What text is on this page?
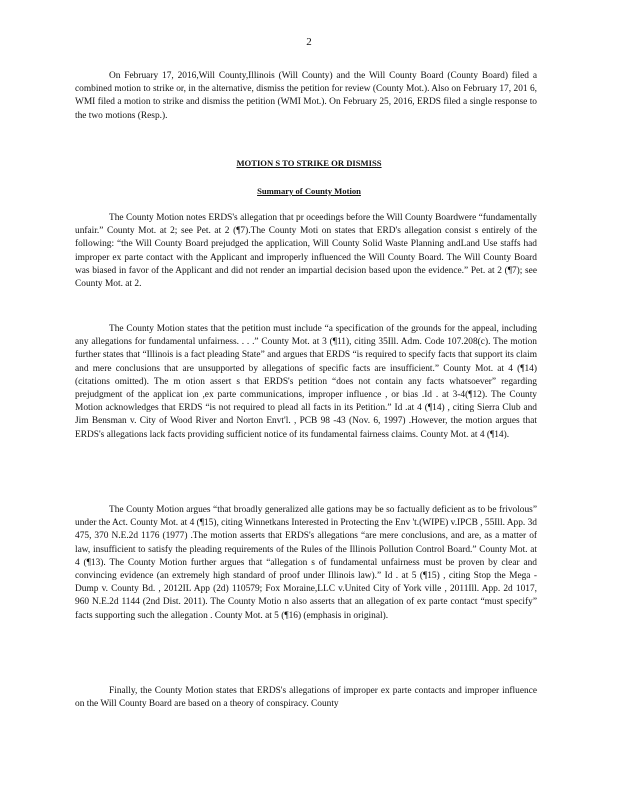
2

On February 17, 2016,Will County,Illinois (Will County) and the Will County Board (County Board) filed a combined motion to strike or, in the alternative, dismiss the petition for review (County Mot.). Also on February 17, 201 6, WMI filed a motion to strike and dismiss the petition (WMI Mot.). On February 25, 2016, ERDS filed a single response to the two motions (Resp.).

MOTION S TO STRIKE OR DISMISS
Summary of County Motion

The County Motion notes ERDS's allegation that pr oceedings before the Will County Boardwere “fundamentally unfair.” County Mot. at 2; see Pet. at 2 (¶7).The County Moti on states that ERD's allegation consist s entirely of the following: “the Will County Board prejudged the application, Will County Solid Waste Planning andLand Use staffs had improper ex parte contact with the Applicant and improperly influenced the Will County Board. The Will County Board was biased in favor of the Applicant and did not render an impartial decision based upon the evidence.” Pet. at 2 (¶7); see County Mot. at 2.

The County Motion states that the petition must include “a specification of the grounds for the appeal, including any allegations for fundamental unfairness. . . .” County Mot. at 3 (¶11), citing 35Ill. Adm. Code 107.208(c). The motion further states that “Illinois is a fact pleading State” and argues that ERDS “is required to specify facts that support its claim and mere conclusions that are unsupported by allegations of specific facts are insufficient.” County Mot. at 4 (¶14) (citations omitted). The m otion assert s that ERDS's petition “does not contain any facts whatsoever” regarding prejudgment of the applicat ion ,ex parte communications, improper influence , or bias .Id . at 3-4(¶12). The County Motion acknowledges that ERDS “is not required to plead all facts in its Petition.” Id .at 4 (¶14) , citing Sierra Club and Jim Bensman v. City of Wood River and Norton Envt'l. , PCB 98 -43 (Nov. 6, 1997) .However, the motion argues that ERDS's allegations lack facts providing sufficient notice of its fundamental fairness claims. County Mot. at 4 (¶14).

The County Motion argues “that broadly generalized alle gations may be so factually deficient as to be frivolous” under the Act. County Mot. at 4 (¶15), citing Winnetkans Interested in Protecting the Env 't.(WIPE) v.IPCB , 55Ill. App. 3d 475, 370 N.E.2d 1176 (1977) .The motion asserts that ERDS's allegations “are mere conclusions, and are, as a matter of law, insufficient to satisfy the pleading requirements of the Rules of the Illinois Pollution Control Board.” County Mot. at 4 (¶13). The County Motion further argues that “allegation s of fundamental unfairness must be proven by clear and convincing evidence (an extremely high standard of proof under Illinois law).” Id . at 5 (¶15) , citing Stop the Mega -Dump v. County Bd. , 2012IL App (2d) 110579; Fox Moraine,LLC v.United City of York ville , 2011Ill. App. 2d 1017, 960 N.E.2d 1144 (2nd Dist. 2011). The County Motio n also asserts that an allegation of ex parte contact “must specify” facts supporting such the allegation . County Mot. at 5 (¶16) (emphasis in original).

Finally, the County Motion states that ERDS's allegations of improper ex parte contacts and improper influence on the Will County Board are based on a theory of conspiracy. County
